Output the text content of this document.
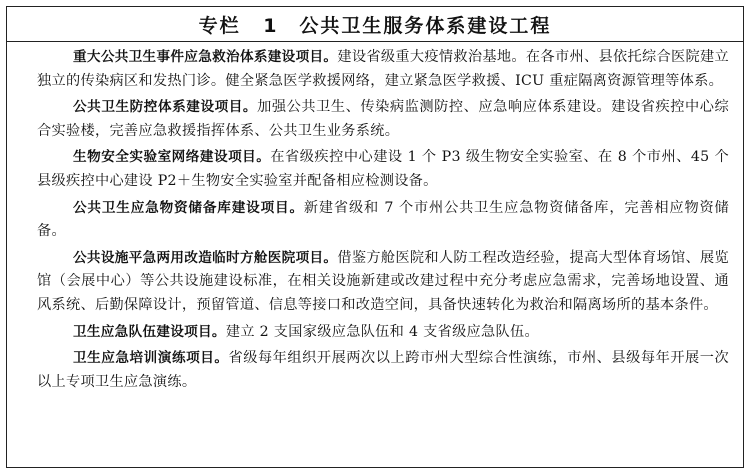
专栏 1　公共卫生服务体系建设工程

重大公共卫生事件应急救治体系建设项目。建设省级重大疫情救治基地。在各市州、县依托综合医院建立独立的传染病区和发热门诊。健全紧急医学救援网络，建立紧急医学救援、ICU 重症隔离资源管理等体系。

公共卫生防控体系建设项目。加强公共卫生、传染病监测防控、应急响应体系建设。建设省疾控中心综合实验楼，完善应急救援指挥体系、公共卫生业务系统。

生物安全实验室网络建设项目。在省级疾控中心建设 1 个 P3 级生物安全实验室、在 8 个市州、45 个县级疾控中心建设 P2＋生物安全实验室并配备相应检测设备。

公共卫生应急物资储备库建设项目。新建省级和 7 个市州公共卫生应急物资储备库，完善相应物资储备。

公共设施平急两用改造临时方舱医院项目。借鉴方舱医院和人防工程改造经验，提高大型体育场馆、展览馆（会展中心）等公共设施建设标准，在相关设施新建或改建过程中充分考虑应急需求，完善场地设置、通风系统、后勤保障设计，预留管道、信息等接口和改造空间，具备快速转化为救治和隔离场所的基本条件。

卫生应急队伍建设项目。建立 2 支国家级应急队伍和 4 支省级应急队伍。

卫生应急培训演练项目。省级每年组织开展两次以上跨市州大型综合性演练，市州、县级每年开展一次以上专项卫生应急演练。
